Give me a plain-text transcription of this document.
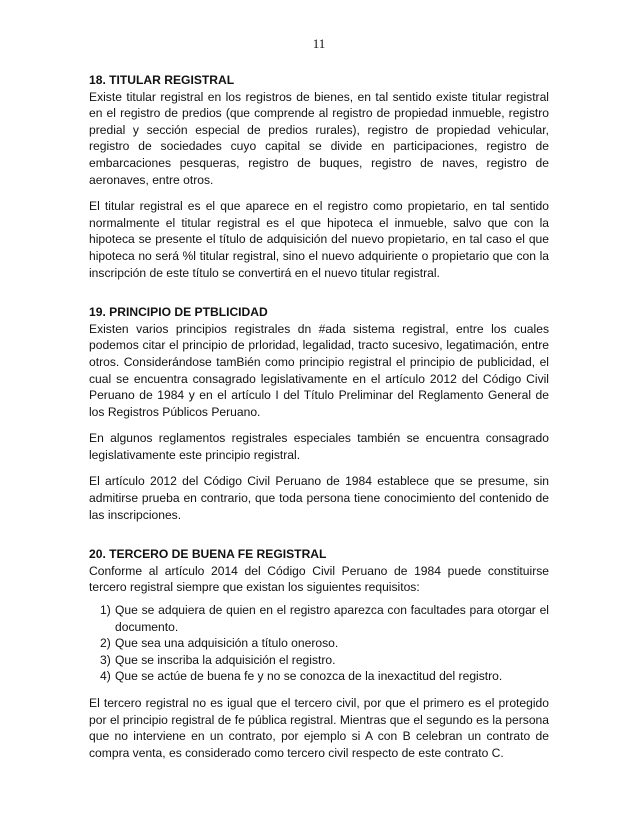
11

18. TITULAR REGISTRAL

Existe titular registral en los registros de bienes, en tal sentido existe titular registral en el registro de predios (que comprende al registro de propiedad inmueble, registro predial y sección especial de predios rurales), registro de propiedad vehicular, registro de sociedades cuyo capital se divide en participaciones, registro de embarcaciones pesqueras, registro de buques, registro de naves, registro de aeronaves, entre otros.

El titular registral es el que aparece en el registro como propietario, en tal sentido normalmente el titular registral es el que hipoteca el inmueble, salvo que con la hipoteca se presente el título de adquisición del nuevo propietario, en tal caso el que hipoteca no será %l titular registral, sino el nuevo adquiriente o propietario que con la inscripción de este título se convertirá en el nuevo titular registral.

19. PRINCIPIO DE PTBLICIDAD

Existen varios principios registrales dn #ada sistema registral, entre los cuales podemos citar el principio de prloridad, legalidad, tracto sucesivo, legatimación, entre otros. Considerándose tamBién como principio registral el principio de publicidad, el cual se encuentra consagrado legislativamente en el artículo 2012 del Código Civil Peruano de 1984 y en el artículo I del Título Preliminar del Reglamento General de los Registros Públicos Peruano.

En algunos reglamentos registrales especiales también se encuentra consagrado legislativamente este principio registral.

El artículo 2012 del Código Civil Peruano de 1984 establece que se presume, sin admitirse prueba en contrario, que toda persona tiene conocimiento del contenido de las inscripciones.

20. TERCERO DE BUENA FE REGISTRAL

Conforme al artículo 2014 del Código Civil Peruano de 1984 puede constituirse tercero registral siempre que existan los siguientes requisitos:

1) Que se adquiera de quien en el registro aparezca con facultades para otorgar el documento.
2) Que sea una adquisición a título oneroso.
3) Que se inscriba la adquisición el registro.
4) Que se actúe de buena fe y no se conozca de la inexactitud del registro.

El tercero registral no es igual que el tercero civil, por que el primero es el protegido por el principio registral de fe pública registral. Mientras que el segundo es la persona que no interviene en un contrato, por ejemplo si A con B celebran un contrato de compra venta, es considerado como tercero civil respecto de este contrato C.
